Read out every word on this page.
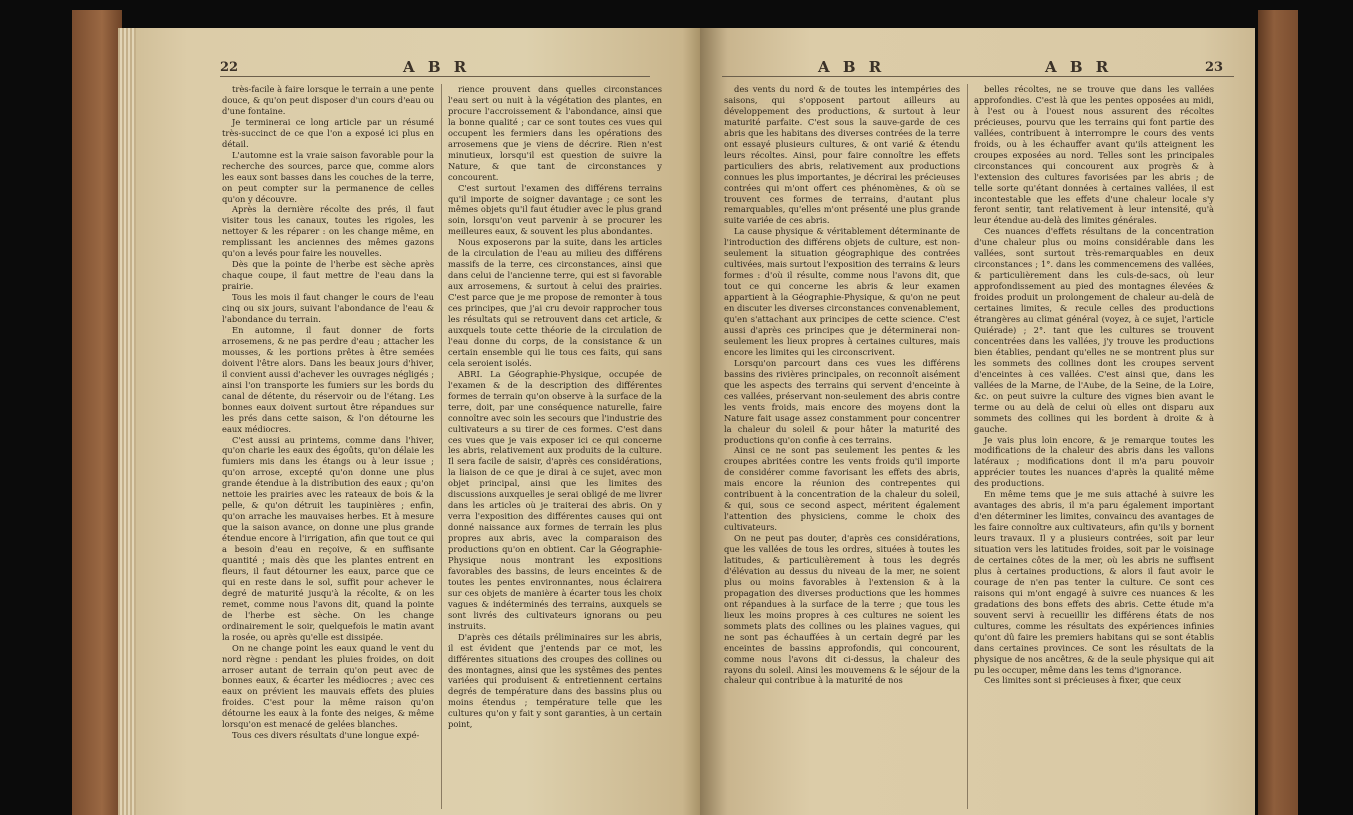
22	A B R

très-facile à faire lorsque le terrain a une pente douce, & qu'on peut disposer d'un cours d'eau ou d'une fontaine.

Je terminerai ce long article par un résumé très-succinct de ce que l'on a exposé ici plus en détail.

L'automne est la vraie saison favorable pour la recherche des sources, parce que, comme alors les eaux sont basses dans les couches de la terre, on peut compter sur la permanence de celles qu'on y découvre.

Après la dernière récolte des prés, il faut visiter tous les canaux, toutes les rigoles, les nettoyer & les réparer : on les change même, en remplissant les anciennes des mêmes gazons qu'on a levés pour faire les nouvelles.

Dès que la pointe de l'herbe est sèche après chaque coupe, il faut mettre de l'eau dans la prairie.

Tous les mois il faut changer le cours de l'eau cinq ou six jours, suivant l'abondance de l'eau & l'abondance du terrain.

En automne, il faut donner de forts arrosemens, & ne pas perdre d'eau ; attacher les mousses, & les portions prêtes à être semées doivent l'être alors. Dans les beaux jours d'hiver, il convient aussi d'achever les ouvrages négligés ; ainsi l'on transporte les fumiers sur les bords du canal de détente, du réservoir ou de l'étang. Les bonnes eaux doivent surtout être répandues sur les prés dans cette saison, & l'on détourne les eaux médiocres.

C'est aussi au printems, comme dans l'hiver, qu'on charie les eaux des égoûts, qu'on délaie les fumiers mis dans les étangs ou à leur issue ; qu'on arrose, excepté qu'on donne une plus grande étendue à la distribution des eaux ; qu'on nettoie les prairies avec les rateaux de bois & la pelle, & qu'on détruit les taupinières ; enfin, qu'on arrache les mauvaises herbes. Et à mesure que la saison avance, on donne une plus grande étendue encore à l'irrigation, afin que tout ce qui a besoin d'eau en reçoive, & en suffisante quantité ; mais dès que les plantes entrent en fleurs, il faut détourner les eaux, parce que ce qui en reste dans le sol, suffit pour achever le degré de maturité jusqu'à la récolte, & on les remet, comme nous l'avons dit, quand la pointe de l'herbe est sèche. On les change ordinairement le soir, quelquefois le matin avant la rosée, ou après qu'elle est dissipée.

On ne change point les eaux quand le vent du nord règne : pendant les pluies froides, on doit arroser autant de terrain qu'on peut avec de bonnes eaux, & écarter les médiocres ; avec ces eaux on prévient les mauvais effets des pluies froides. C'est pour la même raison qu'on détourne les eaux à la fonte des neiges, & même lorsqu'on est menacé de gelées blanches.

Tous ces divers résultats d'une longue expé-

rience prouvent dans quelles circonstances l'eau sert ou nuit à la végétation des plantes, en procure l'accroissement & l'abondance, ainsi que la bonne qualité ; car ce sont toutes ces vues qui occupent les fermiers dans les opérations des arrosemens que je viens de décrire. Rien n'est minutieux, lorsqu'il est question de suivre la Nature, & que tant de circonstances y concourent.

C'est surtout l'examen des différens terrains qu'il importe de soigner davantage ; ce sont les mêmes objets qu'il faut étudier avec le plus grand soin, lorsqu'on veut parvenir à se procurer les meilleures eaux, & souvent les plus abondantes.

Nous exposerons par la suite, dans les articles de la circulation de l'eau au milieu des différens massifs de la terre, ces circonstances, ainsi que dans celui de l'ancienne terre, qui est si favorable aux arrosemens, & surtout à celui des prairies. C'est parce que je me propose de remonter à tous ces principes, que j'ai cru devoir rapprocher tous les résultats qui se retrouvent dans cet article, & auxquels toute cette théorie de la circulation de l'eau donne du corps, de la consistance & un certain ensemble qui lie tous ces faits, qui sans cela seroient isolés.

ABRI. La Géographie-Physique, occupée de l'examen & de la description des différentes formes de terrain qu'on observe à la surface de la terre, doit, par une conséquence naturelle, faire connoître avec soin les secours que l'industrie des cultivateurs a su tirer de ces formes. C'est dans ces vues que je vais exposer ici ce qui concerne les abris, relativement aux produits de la culture. Il sera facile de saisir, d'après ces considérations, la liaison de ce que je dirai à ce sujet, avec mon objet principal, ainsi que les limites des discussions auxquelles je serai obligé de me livrer dans les articles où je traiterai des abris. On y verra l'exposition des différentes causes qui ont donné naissance aux formes de terrain les plus propres aux abris, avec la comparaison des productions qu'on en obtient. Car la Géographie-Physique nous montrant les expositions favorables des bassins, de leurs enceintes & de toutes les pentes environnantes, nous éclairera sur ces objets de manière à écarter tous les choix vagues & indéterminés des terrains, auxquels se sont livrés des cultivateurs ignorans ou peu instruits.

D'après ces détails préliminaires sur les abris, il est évident que j'entends par ce mot, les différentes situations des croupes des collines ou des montagnes, ainsi que les systêmes des pentes variées qui produisent & entretiennent certains degrés de température dans des bassins plus ou moins étendus ; température telle que les cultures qu'on y fait y sont garanties, à un certain point,

A B R	A B R	23

des vents du nord & de toutes les intempéries des saisons, qui s'opposent partout ailleurs au développement des productions, & surtout à leur maturité parfaite. C'est sous la sauve-garde de ces abris que les habitans des diverses contrées de la terre ont essayé plusieurs cultures, & ont varié & étendu leurs récoltes. Ainsi, pour faire connoître les effets particuliers des abris, relativement aux productions connues les plus importantes, je décrirai les précieuses contrées qui m'ont offert ces phénomènes, & où se trouvent ces formes de terrains, d'autant plus remarquables, qu'elles m'ont présenté une plus grande suite variée de ces abris.

La cause physique & véritablement déterminante de l'introduction des différens objets de culture, est non-seulement la situation géographique des contrées cultivées, mais surtout l'exposition des terrains & leurs formes : d'où il résulte, comme nous l'avons dit, que tout ce qui concerne les abris & leur examen appartient à la Géographie-Physique, & qu'on ne peut en discuter les diverses circonstances convenablement, qu'en s'attachant aux principes de cette science. C'est aussi d'après ces principes que je déterminerai non-seulement les lieux propres à certaines cultures, mais encore les limites qui les circonscrivent.

Lorsqu'on parcourt dans ces vues les différens bassins des rivières principales, on reconnoît aisément que les aspects des terrains qui servent d'enceinte à ces vallées, préservant non-seulement des abris contre les vents froids, mais encore des moyens dont la Nature fait usage assez constamment pour concentrer la chaleur du soleil & pour hâter la maturité des productions qu'on confie à ces terrains.

Ainsi ce ne sont pas seulement les pentes & les croupes abritées contre les vents froids qu'il importe de considérer comme favorisant les effets des abris, mais encore la réunion des contrepentes qui contribuent à la concentration de la chaleur du soleil, & qui, sous ce second aspect, méritent également l'attention des physiciens, comme le choix des cultivateurs.

On ne peut pas douter, d'après ces considérations, que les vallées de tous les ordres, situées à toutes les latitudes, & particulièrement à tous les degrés d'élévation au dessus du niveau de la mer, ne soient plus ou moins favorables à l'extension & à la propagation des diverses productions que les hommes ont répandues à la surface de la terre ; que tous les lieux les moins propres à ces cultures ne soient les sommets plats des collines ou les plaines vagues, qui ne sont pas échauffées à un certain degré par les enceintes de bassins approfondis, qui concourent, comme nous l'avons dit ci-dessus, la chaleur des rayons du soleil. Ainsi les mouvemens & le séjour de la chaleur qui contribue à la maturité de nos

belles récoltes, ne se trouve que dans les vallées approfondies. C'est là que les pentes opposées au midi, à l'est ou à l'ouest nous assurent des récoltes précieuses, pourvu que les terrains qui font partie des vallées, contribuent à interrompre le cours des vents froids, ou à les échauffer avant qu'ils atteignent les croupes exposées au nord. Telles sont les principales circonstances qui concourent aux progrès & à l'extension des cultures favorisées par les abris ; de telle sorte qu'étant données à certaines vallées, il est incontestable que les effets d'une chaleur locale s'y feront sentir, tant relativement à leur intensité, qu'à leur étendue au-delà des limites générales.

Ces nuances d'effets résultans de la concentration d'une chaleur plus ou moins considérable dans les vallées, sont surtout très-remarquables en deux circonstances ; 1°. dans les commencemens des vallées, & particulièrement dans les culs-de-sacs, où leur approfondissement au pied des montagnes élevées & froides produit un prolongement de chaleur au-delà de certaines limites, & recule celles des productions étrangères au climat général (voyez, à ce sujet, l'article Quiérade) ; 2°. tant que les cultures se trouvent concentrées dans les vallées, j'y trouve les productions bien établies, pendant qu'elles ne se montrent plus sur les sommets des collines dont les croupes servent d'enceintes à ces vallées. C'est ainsi que, dans les vallées de la Marne, de l'Aube, de la Seine, de la Loire, &c. on peut suivre la culture des vignes bien avant le terme ou au delà de celui où elles ont disparu aux sommets des collines qui les bordent à droite & à gauche.

Je vais plus loin encore, & je remarque toutes les modifications de la chaleur des abris dans les vallons latéraux ; modifications dont il m'a paru pouvoir apprécier toutes les nuances d'après la qualité même des productions.

En même tems que je me suis attaché à suivre les avantages des abris, il m'a paru également important d'en déterminer les limites, convaincu des avantages de les faire connoître aux cultivateurs, afin qu'ils y bornent leurs travaux. Il y a plusieurs contrées, soit par leur situation vers les latitudes froides, soit par le voisinage de certaines côtes de la mer, où les abris ne suffisent plus à certaines productions, & alors il faut avoir le courage de n'en pas tenter la culture. Ce sont ces raisons qui m'ont engagé à suivre ces nuances & les gradations des bons effets des abris. Cette étude m'a souvent servi à recueillir les différens états de nos cultures, comme les résultats des expériences infinies qu'ont dû faire les premiers habitans qui se sont établis dans certaines provinces. Ce sont les résultats de la physique de nos ancêtres, & de la seule physique qui ait pu les occuper, même dans les tems d'ignorance.

Ces limites sont si précieuses à fixer, que ceux
